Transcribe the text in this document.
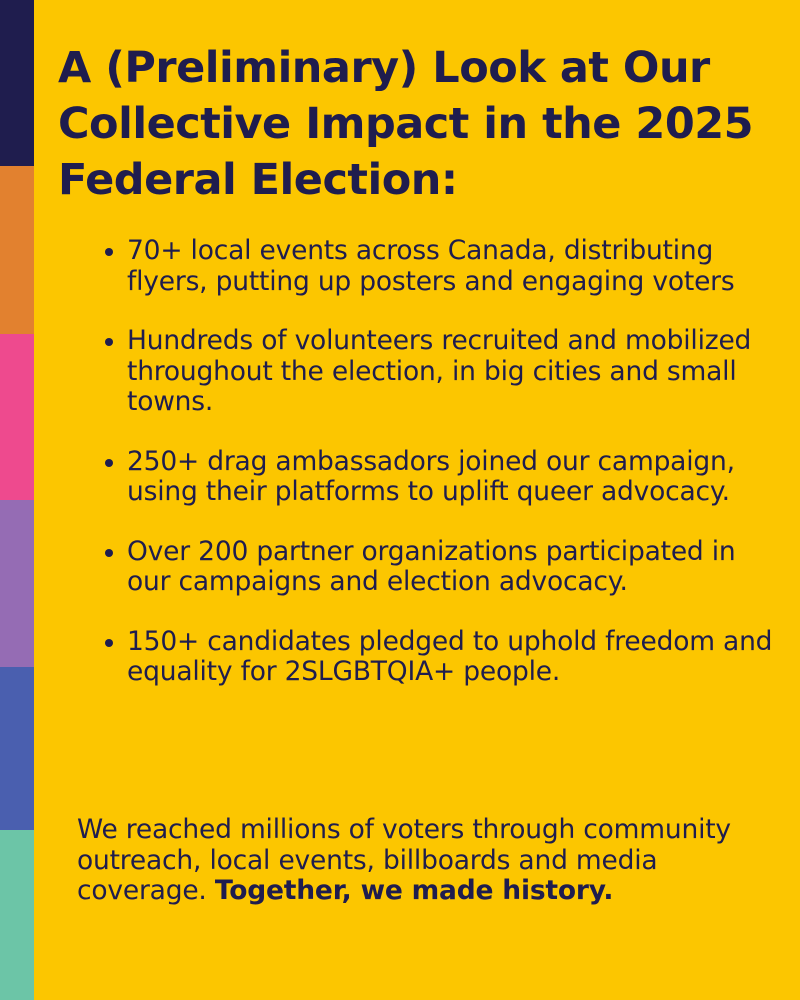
A (Preliminary) Look at Our Collective Impact in the 2025 Federal Election:
70+ local events across Canada, distributing flyers, putting up posters and engaging voters
Hundreds of volunteers recruited and mobilized throughout the election, in big cities and small towns.
250+ drag ambassadors joined our campaign, using their platforms to uplift queer advocacy.
Over 200 partner organizations participated in our campaigns and election advocacy.
150+ candidates pledged to uphold freedom and equality for 2SLGBTQIA+ people.

We reached millions of voters through community outreach, local events, billboards and media coverage. Together, we made history.
